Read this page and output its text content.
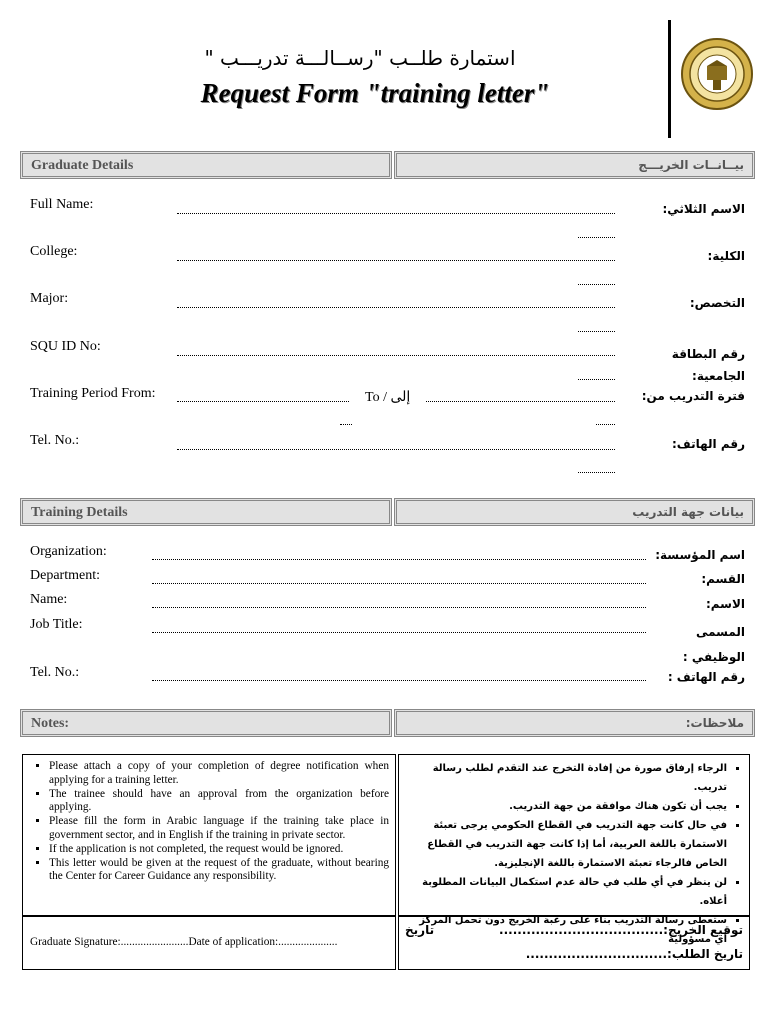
استمارة طلــب "رســالـــة تدريـــب "
Request Form "training letter"
Graduate Details	بيــانــات الخريـــج
Full Name:	الاسم الثلاثي:
College:	الكلية:
Major:	التخصص:
SQU ID No:	رقم البطاقة الجامعية:
Training Period From:	To / إلى	فترة التدريب من:
Tel. No.:	رقم الهاتف:
Training Details	بيانات جهة التدريب
Organization:	اسم المؤسسة:
Department:	القسم:
Name:	الاسم:
Job Title:	المسمى الوظيفي :
Tel. No.:	رقم الهاتف :
Notes:	ملاحظات:
▪ Please attach a copy of your completion of degree notification when applying for a training letter.
▪ The trainee should have an approval from the organization before applying.
▪ Please fill the form in Arabic language if the training take place in government sector, and in English if the training in private sector.
▪ If the application is not completed, the request would be ignored.
▪ This letter would be given at the request of the graduate, without bearing the Center for Career Guidance any responsibility.
▪ الرجاء إرفاق صورة من إفادة التخرج عند التقدم لطلب رسالة تدريب.
▪ يجب أن تكون هناك موافقة من جهة التدريب.
▪ في حال كانت جهة التدريب في القطاع الحكومي يرجى تعبئة الاستمارة باللغة العربية، أما إذا كانت جهة التدريب في القطاع الخاص فالرجاء تعبئة الاستمارة باللغة الإنجليزية.
▪ لن ينظر في أي طلب في حالة عدم استكمال البيانات المطلوبة أعلاه.
▪ ستعطى رسالة التدريب بناء على رغبة الخريج دون تحمل المركز أي مسؤولية
Graduate Signature:........................Date of application:.....................
توقيع الخريج:....................................
تاريخ
تاريخ الطلب:...............................
